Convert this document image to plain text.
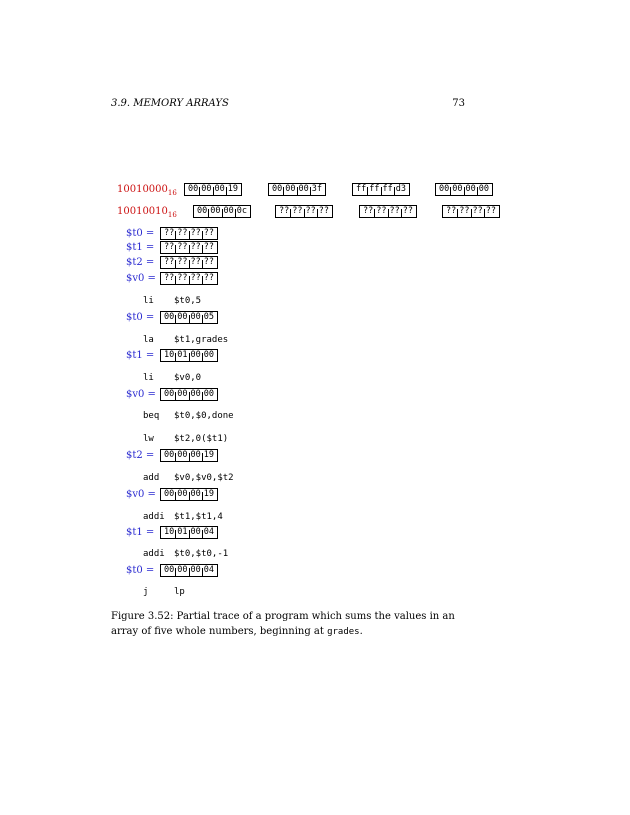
3.9. MEMORY ARRAYS	73
$10010000_{16}$ 00 00 00 19	00 00 00 3f	ff ff ff d3	00 00 00 00
$10010010_{16}$ 00 00 00 0c	?? ?? ?? ??	?? ?? ?? ??	?? ?? ?? ??
$t0 = ?? ?? ?? ??
$t1 = ?? ?? ?? ??
$t2 = ?? ?? ?? ??
$v0 = ?? ?? ?? ??
li $t0,5
$t0 = 00 00 00 05
la $t1,grades
$t1 = 10 01 00 00
li $v0,0
$v0 = 00 00 00 00
beq $t0,$0,done
lw $t2,0($t1)
$t2 = 00 00 00 19
add $v0,$v0,$t2
$v0 = 00 00 00 19
addi $t1,$t1,4
$t1 = 10 01 00 04
addi $t0,$t0,-1
$t0 = 00 00 00 04
j	lp
Figure 3.52: Partial trace of a program which sums the values in an array of five whole numbers, beginning at grades.
